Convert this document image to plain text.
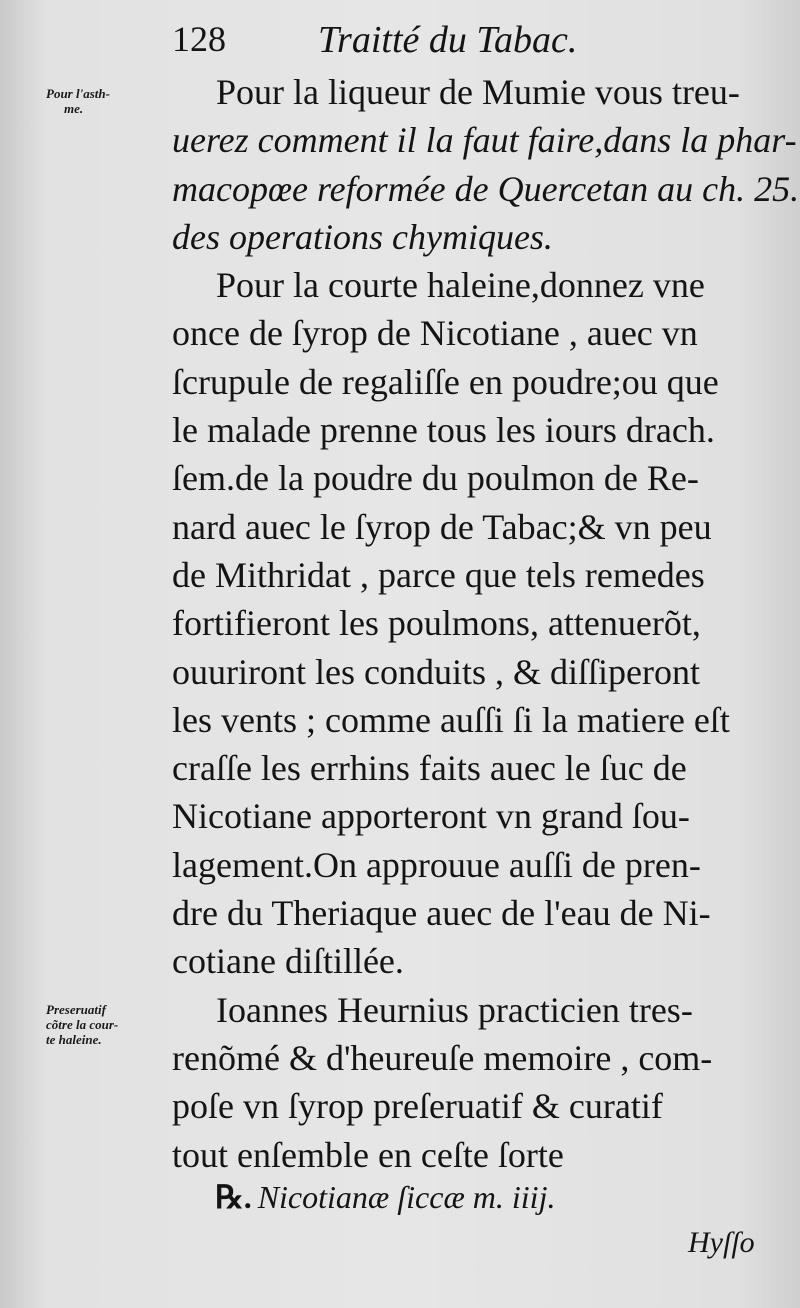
128 Traitté du Tabac.
Pour l'asth-
me.
Preseruatif
cõtre la cour-
te haleine.
Pour la liqueur de Mumie vous treu-
uerez comment il la faut faire,dans la phar-
macopœe reformée de Quercetan au ch. 25.
des operations chymiques.
Pour la courte haleine,donnez vne
once de ſyrop de Nicotiane , auec vn
ſcrupule de regaliſſe en poudre;ou que
le malade prenne tous les iours drach.
ſem.de la poudre du poulmon de Re-
nard auec le ſyrop de Tabac;& vn peu
de Mithridat , parce que tels remedes
fortifieront les poulmons, attenuerõt,
ouuriront les conduits , & diſſiperont
les vents ; comme auſſi ſi la matiere eſt
craſſe les errhins faits auec le ſuc de
Nicotiane apporteront vn grand ſou-
lagement.On approuue auſſi de pren-
dre du Theriaque auec de l'eau de Ni-
cotiane diſtillée.
Ioannes Heurnius practicien tres-
renõmé & d'heureuſe memoire , com-
poſe vn ſyrop preſeruatif & curatif
tout enſemble en ceſte ſorte
℞. Nicotianæ ſiccæ m. iiij.
Hyſſo
